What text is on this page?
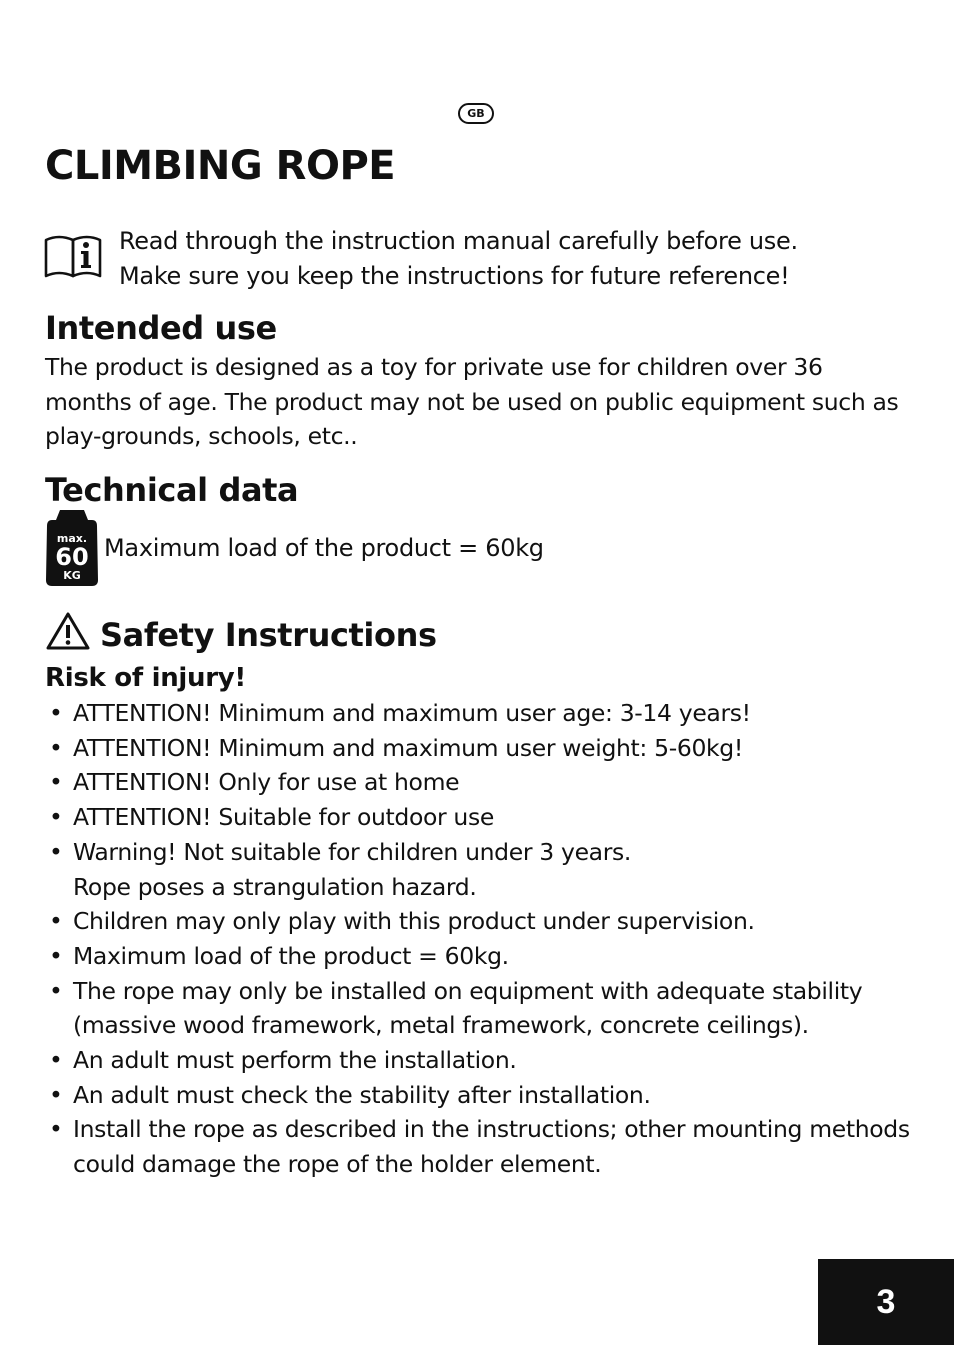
GB
CLIMBING ROPE
Read through the instruction manual carefully before use.
Make sure you keep the instructions for future reference!
Intended use

The product is designed as a toy for private use for children over 36 months of age. The product may not be used on public equipment such as play-grounds, schools, etc..

Technical data
max.
60
KG
Maximum load of the product = 60kg
Safety Instructions
Risk of injury!
• ATTENTION! Minimum and maximum user age: 3-14 years!
• ATTENTION! Minimum and maximum user weight: 5-60kg!
• ATTENTION! Only for use at home
• ATTENTION! Suitable for outdoor use
• Warning! Not suitable for children under 3 years.
Rope poses a strangulation hazard.
• Children may only play with this product under supervision.
• Maximum load of the product = 60kg.
• The rope may only be installed on equipment with adequate stability
(massive wood framework, metal framework, concrete ceilings).
• An adult must perform the installation.
• An adult must check the stability after installation.
• Install the rope as described in the instructions; other mounting methods
could damage the rope of the holder element.
3
